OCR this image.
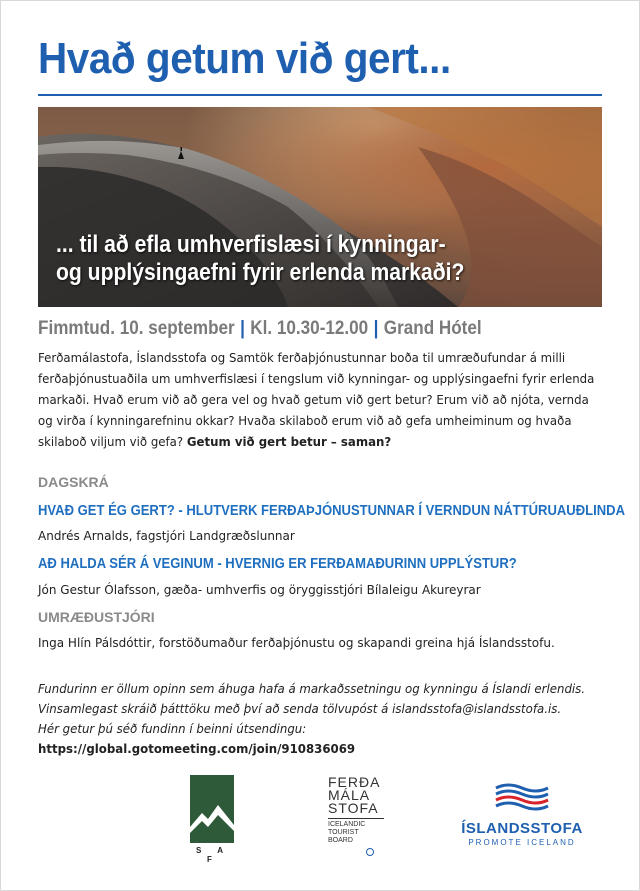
Hvað getum við gert...
... til að efla umhverfislæsi í kynningar-
og upplýsingaefni fyrir erlenda markaði?
Fimmtud. 10. september | Kl. 10.30-12.00 | Grand Hótel
Ferðamálastofa, Íslandsstofa og Samtök ferðaþjónustunnar boða til umræðufundar á milli ferðaþjónustuaðila um umhverfislæsi í tengslum við kynningar- og upplýsingaefni fyrir erlenda markaði. Hvað erum við að gera vel og hvað getum við gert betur? Erum við að njóta, vernda og virða í kynningarefninu okkar? Hvaða skilaboð erum við að gefa umheiminum og hvaða skilaboð viljum við gefa? Getum við gert betur – saman?
DAGSKRÁ
HVAÐ GET ÉG GERT? - HLUTVERK FERÐAÞJÓNUSTUNNAR Í VERNDUN NÁTTÚRUAUÐLINDA
Andrés Arnalds, fagstjóri Landgræðslunnar
AÐ HALDA SÉR Á VEGINUM - HVERNIG ER FERÐAMAÐURINN UPPLÝSTUR?
Jón Gestur Ólafsson, gæða- umhverfis og öryggisstjóri Bílaleigu Akureyrar
UMRÆÐUSTJÓRI
Inga Hlín Pálsdóttir, forstöðumaður ferðaþjónustu og skapandi greina hjá Íslandsstofu.
Fundurinn er öllum opinn sem áhuga hafa á markaðssetningu og kynningu á Íslandi erlendis.
Vinsamlegast skráið þátttöku með því að senda tölvupóst á islandsstofa@islandsstofa.is.
Hér getur þú séð fundinn í beinni útsendingu: https://global.gotomeeting.com/join/910836069
S A F
FERÐA
MÁLA
STOFA
ICELANDIC
TOURIST
BOARD
ÍSLANDSSTOFA
PROMOTE ICELAND
